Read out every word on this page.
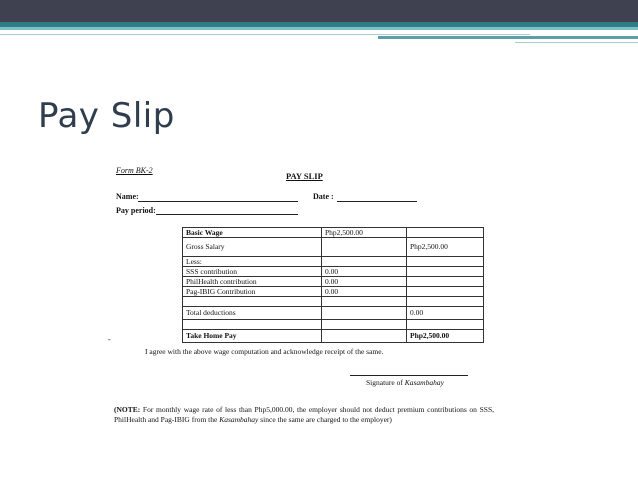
Pay Slip
Form BK-2
PAY SLIP
Name:	Date :
Pay period:
Basic Wage	Php2,500.00	
Gross Salary		Php2,500.00
Less:		
SSS contribution	0.00	
PhilHealth contribution	0.00	
Pag-IBIG Contribution	0.00	

Total deductions		0.00

Take Home Pay		Php2,500.00
-
I agree with the above wage computation and acknowledge receipt of the same.
Signature of Kasambahay
(NOTE: For monthly wage rate of less than Php5,000.00, the employer should not deduct premium contributions on SSS, PhilHealth and Pag-IBIG from the Kasambahay since the same are charged to the employer)
